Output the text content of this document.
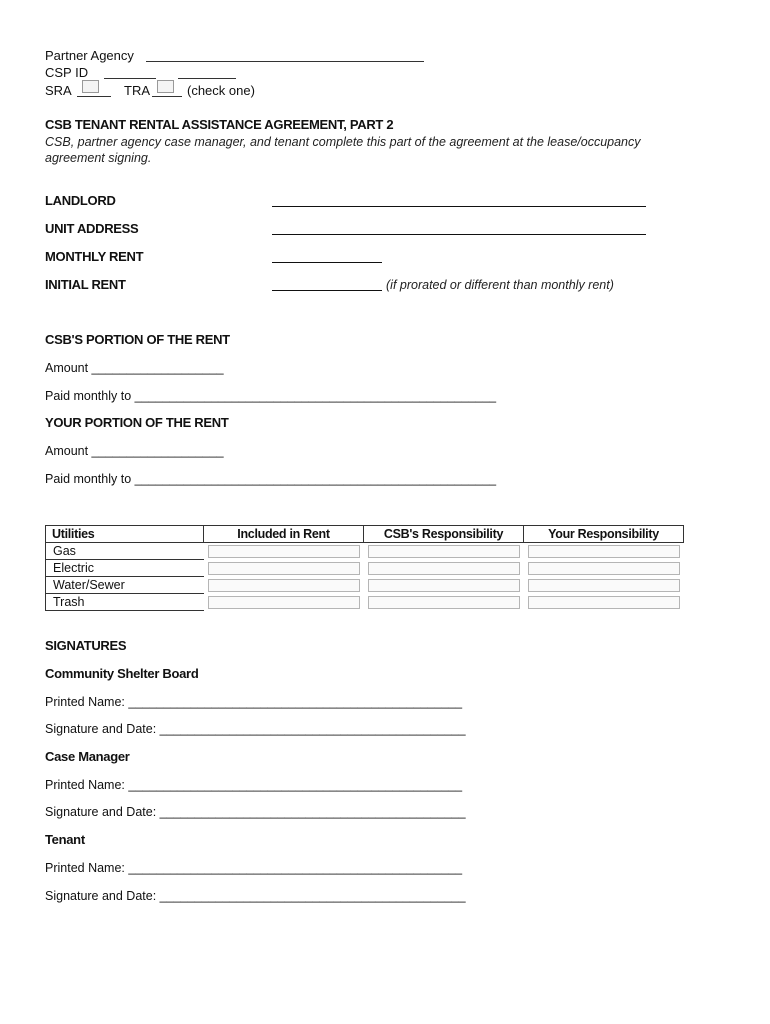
Partner Agency
CSP ID
SRA	TRA	(check one)
CSB TENANT RENTAL ASSISTANCE AGREEMENT, PART 2
CSB, partner agency case manager, and tenant complete this part of the agreement at the lease/occupancy
agreement signing.
LANDLORD
UNIT ADDRESS
MONTHLY RENT
INITIAL RENT	(if prorated or different than monthly rent)
CSB'S PORTION OF THE RENT
Amount ___________________
Paid monthly to ____________________________________________________
YOUR PORTION OF THE RENT
Amount ___________________
Paid monthly to ____________________________________________________
Utilities	Included in Rent	CSB's Responsibility	Your Responsibility
Gas	

Electric	

Water/Sewer	

Trash	

SIGNATURES
Community Shelter Board
Printed Name: ________________________________________________
Signature and Date: ____________________________________________
Case Manager
Printed Name: ________________________________________________
Signature and Date: ____________________________________________
Tenant
Printed Name: ________________________________________________
Signature and Date: ____________________________________________
